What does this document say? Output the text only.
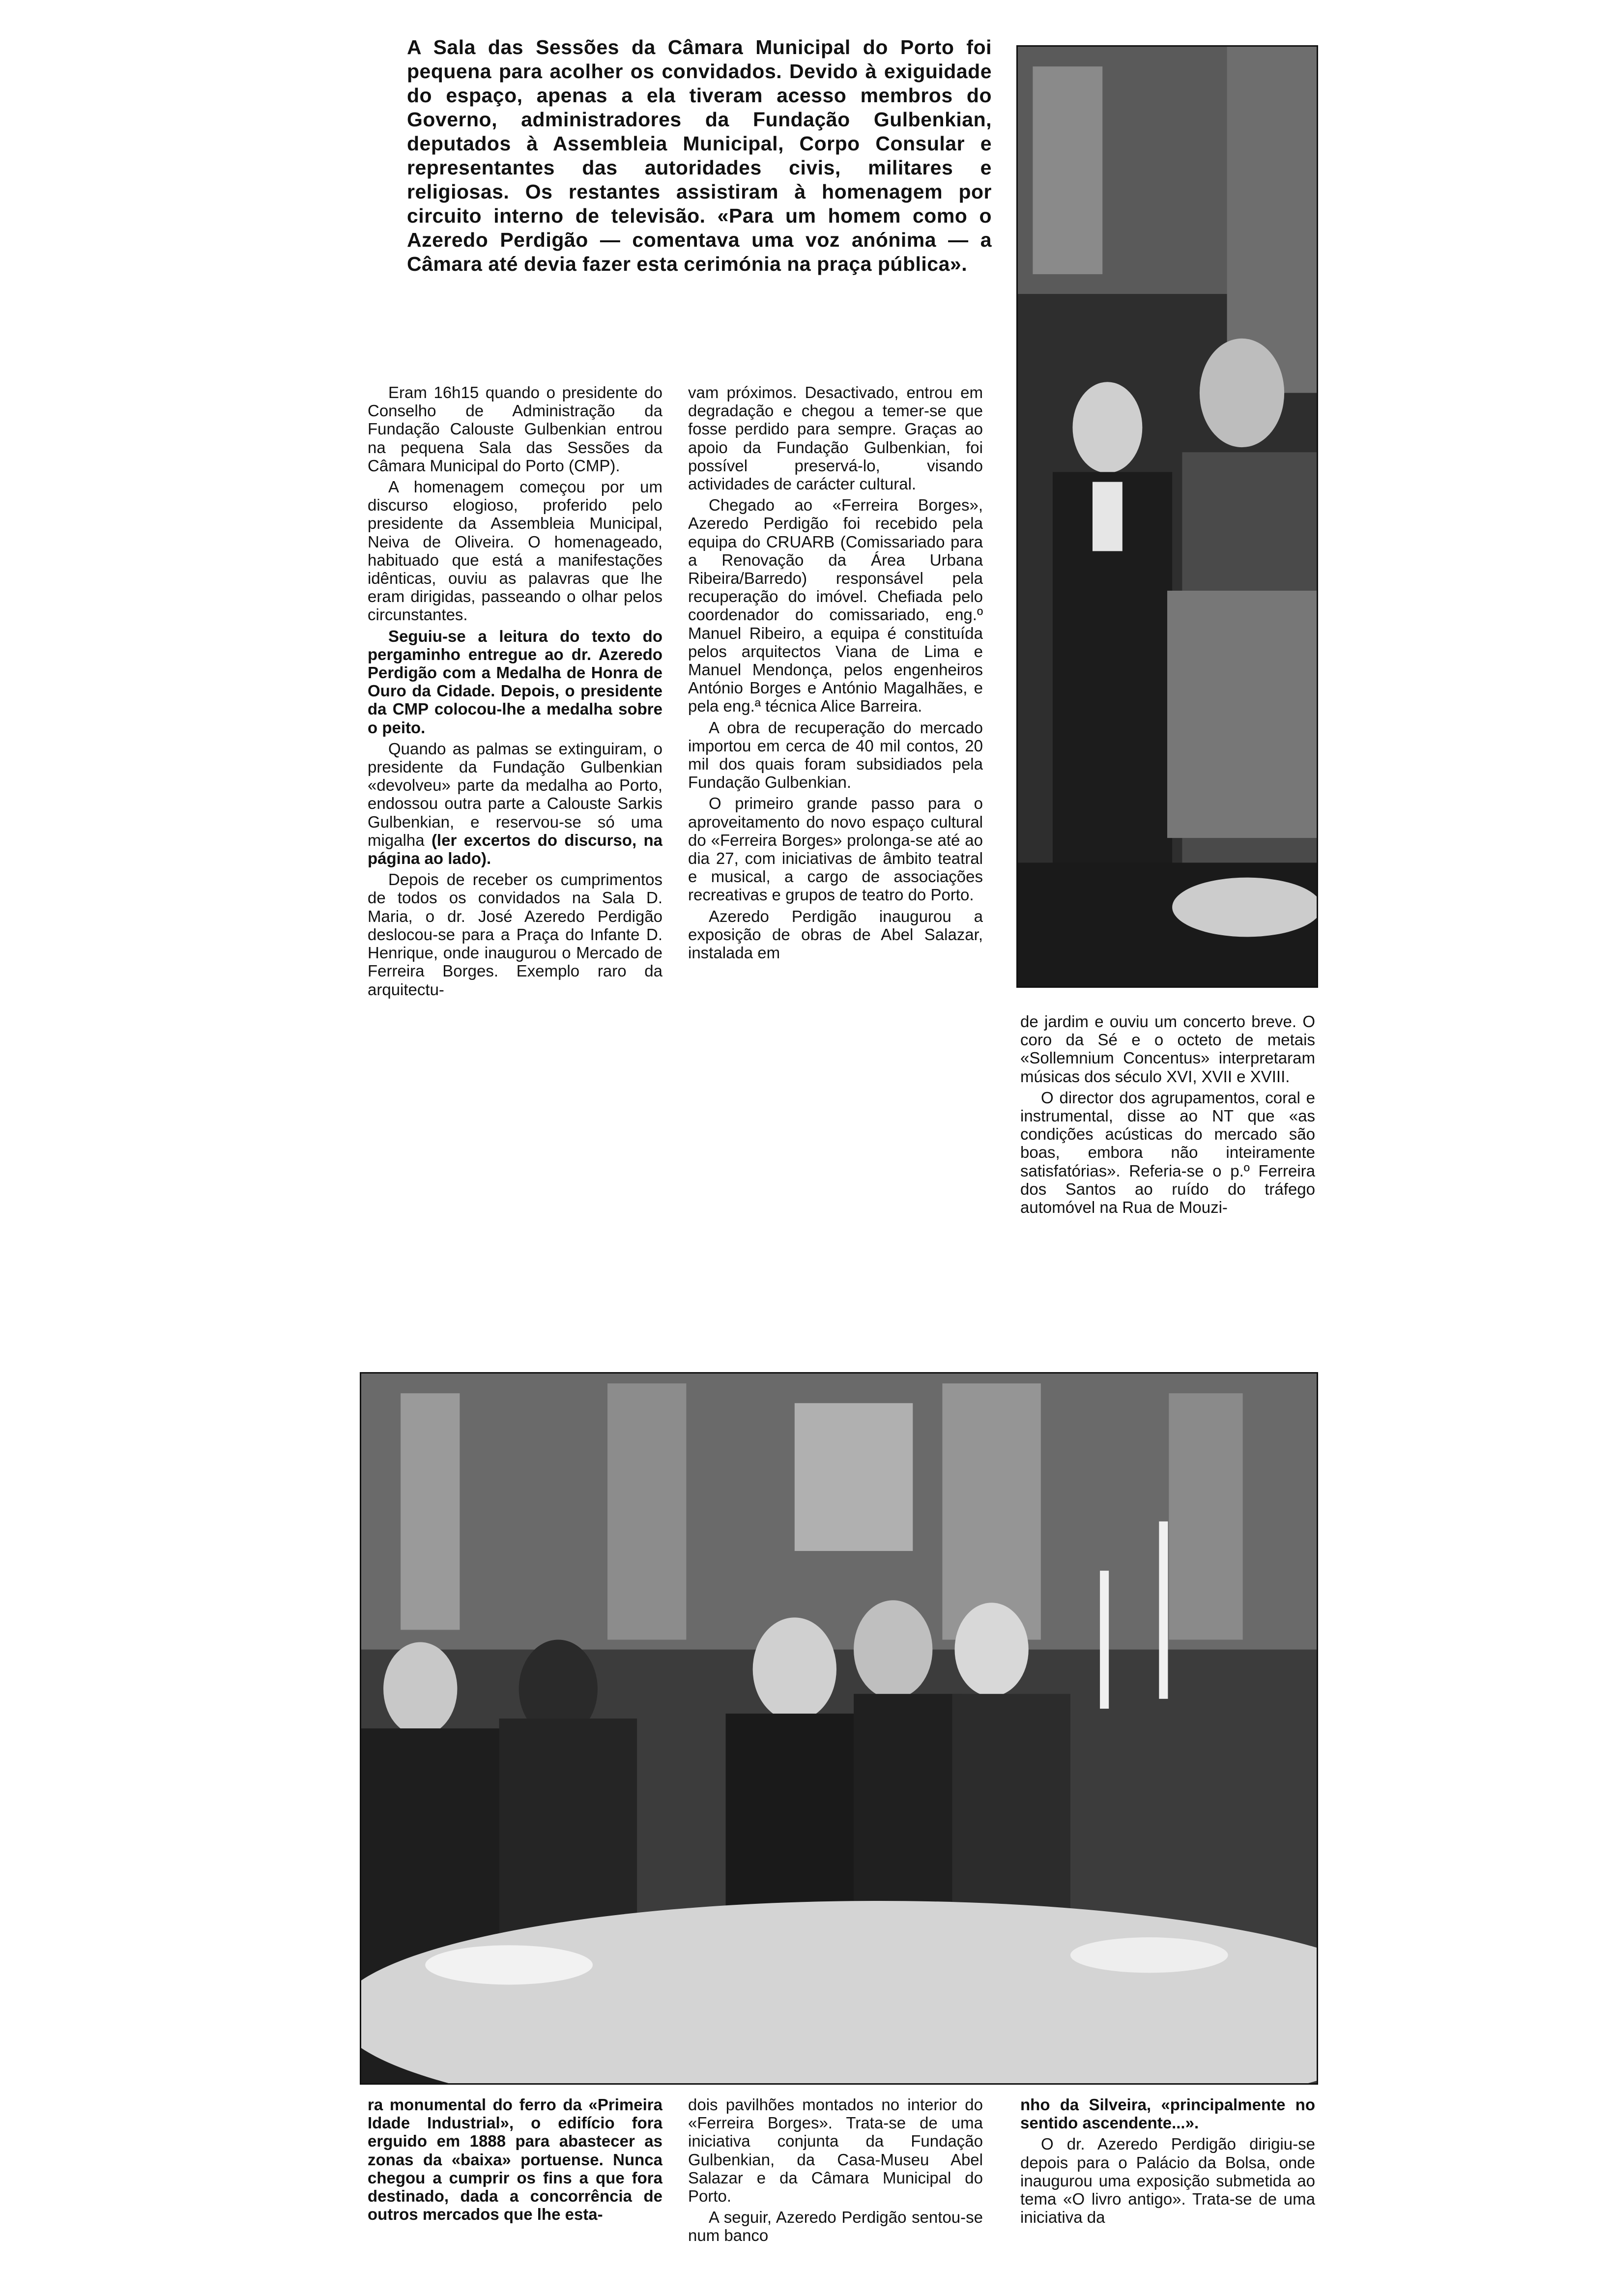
A Sala das Sessões da Câmara Municipal do Porto foi pequena para acolher os convidados. Devido à exiguidade do espaço, apenas a ela tiveram acesso membros do Governo, administradores da Fundação Gulbenkian, deputados à Assembleia Municipal, Corpo Consular e representantes das autoridades civis, militares e religiosas. Os restantes assistiram à homenagem por circuito interno de televisão. «Para um homem como o Azeredo Perdigão — comentava uma voz anónima — a Câmara até devia fazer esta cerimónia na praça pública».

Eram 16h15 quando o presidente do Conselho de Administração da Fundação Calouste Gulbenkian entrou na pequena Sala das Sessões da Câmara Municipal do Porto (CMP).

A homenagem começou por um discurso elogioso, proferido pelo presidente da Assembleia Municipal, Neiva de Oliveira. O homenageado, habituado que está a manifestações idênticas, ouviu as palavras que lhe eram dirigidas, passeando o olhar pelos circunstantes.

Seguiu-se a leitura do texto do pergaminho entregue ao dr. Azeredo Perdigão com a Medalha de Honra de Ouro da Cidade. Depois, o presidente da CMP colocou-lhe a medalha sobre o peito.

Quando as palmas se extinguiram, o presidente da Fundação Gulbenkian «devolveu» parte da medalha ao Porto, endossou outra parte a Calouste Sarkis Gulbenkian, e reservou-se só uma migalha (ler excertos do discurso, na página ao lado).

Depois de receber os cumprimentos de todos os convidados na Sala D. Maria, o dr. José Azeredo Perdigão deslocou-se para a Praça do Infante D. Henrique, onde inaugurou o Mercado de Ferreira Borges. Exemplo raro da arquitectu-

vam próximos. Desactivado, entrou em degradação e chegou a temer-se que fosse perdido para sempre. Graças ao apoio da Fundação Gulbenkian, foi possível preservá-lo, visando actividades de carácter cultural.

Chegado ao «Ferreira Borges», Azeredo Perdigão foi recebido pela equipa do CRUARB (Comissariado para a Renovação da Área Urbana Ribeira/Barredo) responsável pela recuperação do imóvel. Chefiada pelo coordenador do comissariado, eng.º Manuel Ribeiro, a equipa é constituída pelos arquitectos Viana de Lima e Manuel Mendonça, pelos engenheiros António Borges e António Magalhães, e pela eng.ª técnica Alice Barreira.

A obra de recuperação do mercado importou em cerca de 40 mil contos, 20 mil dos quais foram subsidiados pela Fundação Gulbenkian.

O primeiro grande passo para o aproveitamento do novo espaço cultural do «Ferreira Borges» prolonga-se até ao dia 27, com iniciativas de âmbito teatral e musical, a cargo de associações recreativas e grupos de teatro do Porto.

Azeredo Perdigão inaugurou a exposição de obras de Abel Salazar, instalada em

de jardim e ouviu um concerto breve. O coro da Sé e o octeto de metais «Sollemnium Concentus» interpretaram músicas dos século XVI, XVII e XVIII.

O director dos agrupamentos, coral e instrumental, disse ao NT que «as condições acústicas do mercado são boas, embora não inteiramente satisfatórias». Referia-se o p.º Ferreira dos Santos ao ruído do tráfego automóvel na Rua de Mouzi-

ra monumental do ferro da «Primeira Idade Industrial», o edifício fora erguido em 1888 para abastecer as zonas da «baixa» portuense. Nunca chegou a cumprir os fins a que fora destinado, dada a concorrência de outros mercados que lhe esta-

dois pavilhões montados no interior do «Ferreira Borges». Trata-se de uma iniciativa conjunta da Fundação Gulbenkian, da Casa-Museu Abel Salazar e da Câmara Municipal do Porto.

A seguir, Azeredo Perdigão sentou-se num banco

nho da Silveira, «principalmente no sentido ascendente...».

O dr. Azeredo Perdigão dirigiu-se depois para o Palácio da Bolsa, onde inaugurou uma exposição submetida ao tema «O livro antigo». Trata-se de uma iniciativa da
